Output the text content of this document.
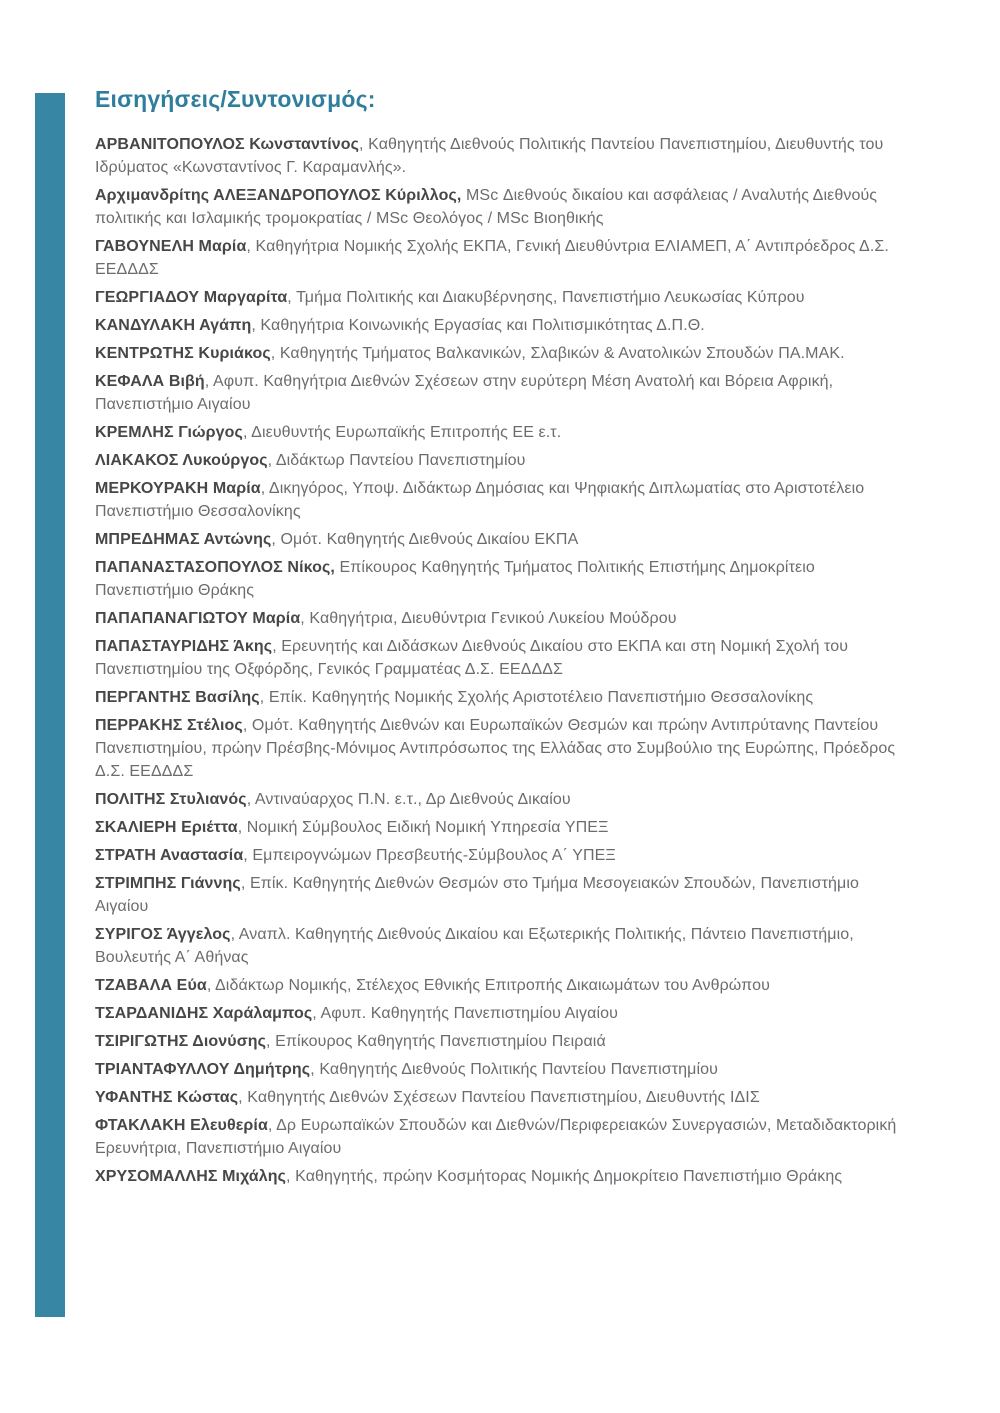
Εισηγήσεις/Συντονισμός:

ΑΡΒΑΝΙΤΟΠΟΥΛΟΣ Κωνσταντίνος, Καθηγητής Διεθνούς Πολιτικής Παντείου Πανεπιστημίου, Διευθυντής του Ιδρύματος «Κωνσταντίνος Γ. Καραμανλής».

Αρχιμανδρίτης ΑΛΕΞΑΝΔΡΟΠΟΥΛΟΣ Κύριλλος, MSc Διεθνούς δικαίου και ασφάλειας / Αναλυτής Διεθνούς πολιτικής και Ισλαμικής τρομοκρατίας / MSc Θεολόγος / MSc Βιοηθικής

ΓΑΒΟΥΝΕΛΗ Μαρία, Καθηγήτρια Νομικής Σχολής ΕΚΠΑ, Γενική Διευθύντρια ΕΛΙΑΜΕΠ, Α΄ Αντιπρόεδρος Δ.Σ. ΕΕΔΔΔΣ

ΓΕΩΡΓΙΑΔΟΥ Μαργαρίτα, Τμήμα Πολιτικής και Διακυβέρνησης, Πανεπιστήμιο Λευκωσίας Κύπρου

ΚΑΝΔΥΛΑΚΗ Αγάπη, Καθηγήτρια Κοινωνικής Εργασίας και Πολιτισμικότητας Δ.Π.Θ.

ΚΕΝΤΡΩΤΗΣ Κυριάκος, Καθηγητής Τμήματος Βαλκανικών, Σλαβικών & Ανατολικών Σπουδών ΠΑ.ΜΑΚ.

ΚΕΦΑΛΑ Βιβή, Αφυπ. Καθηγήτρια Διεθνών Σχέσεων στην ευρύτερη Μέση Ανατολή και Βόρεια Αφρική, Πανεπιστήμιο Αιγαίου

ΚΡΕΜΛΗΣ Γιώργος, Διευθυντής Ευρωπαϊκής Επιτροπής ΕΕ ε.τ.

ΛΙΑΚΑΚΟΣ Λυκούργος, Διδάκτωρ Παντείου Πανεπιστημίου

ΜΕΡΚΟΥΡΑΚΗ Μαρία, Δικηγόρος, Υποψ. Διδάκτωρ Δημόσιας και Ψηφιακής Διπλωματίας στο Αριστοτέλειο Πανεπιστήμιο Θεσσαλονίκης

ΜΠΡΕΔΗΜΑΣ Αντώνης, Ομότ. Καθηγητής Διεθνούς Δικαίου ΕΚΠΑ

ΠΑΠΑΝΑΣΤΑΣΟΠΟΥΛΟΣ Νίκος, Επίκουρος Καθηγητής Τμήματος Πολιτικής Επιστήμης Δημοκρίτειο Πανεπιστήμιο Θράκης

ΠΑΠΑΠΑΝΑΓΙΩΤΟΥ Μαρία, Καθηγήτρια, Διευθύντρια Γενικού Λυκείου Μούδρου

ΠΑΠΑΣΤΑΥΡΙΔΗΣ Άκης, Ερευνητής και Διδάσκων Διεθνούς Δικαίου στο ΕΚΠΑ και στη Νομική Σχολή του Πανεπιστημίου της Οξφόρδης, Γενικός Γραμματέας Δ.Σ. ΕΕΔΔΔΣ

ΠΕΡΓΑΝΤΗΣ Βασίλης, Επίκ. Καθηγητής Νομικής Σχολής Αριστοτέλειο Πανεπιστήμιο Θεσσαλονίκης

ΠΕΡΡΑΚΗΣ Στέλιος, Ομότ. Καθηγητής Διεθνών και Ευρωπαϊκών Θεσμών και πρώην Αντιπρύτανης Παντείου Πανεπιστημίου, πρώην Πρέσβης-Μόνιμος Αντιπρόσωπος της Ελλάδας στο Συμβούλιο της Ευρώπης, Πρόεδρος Δ.Σ. ΕΕΔΔΔΣ

ΠΟΛΙΤΗΣ Στυλιανός, Αντιναύαρχος Π.Ν. ε.τ., Δρ Διεθνούς Δικαίου

ΣΚΑΛΙΕΡΗ Εριέττα, Νομική Σύμβουλος Ειδική Νομική Υπηρεσία ΥΠΕΞ

ΣΤΡΑΤΗ Αναστασία, Εμπειρογνώμων Πρεσβευτής-Σύμβουλος Α΄ ΥΠΕΞ

ΣΤΡΙΜΠΗΣ Γιάννης, Επίκ. Καθηγητής Διεθνών Θεσμών στο Τμήμα Μεσογειακών Σπουδών, Πανεπιστήμιο Αιγαίου

ΣΥΡΙΓΟΣ Άγγελος, Αναπλ. Καθηγητής Διεθνούς Δικαίου και Εξωτερικής Πολιτικής, Πάντειο Πανεπιστήμιο, Βουλευτής Α΄ Αθήνας

ΤΖΑΒΑΛΑ Εύα, Διδάκτωρ Νομικής, Στέλεχος Εθνικής Επιτροπής Δικαιωμάτων του Ανθρώπου

ΤΣΑΡΔΑΝΙΔΗΣ Χαράλαμπος, Αφυπ. Καθηγητής Πανεπιστημίου Αιγαίου

ΤΣΙΡΙΓΩΤΗΣ Διονύσης, Επίκουρος Καθηγητής Πανεπιστημίου Πειραιά

ΤΡΙΑΝΤΑΦΥΛΛΟΥ Δημήτρης, Καθηγητής Διεθνούς Πολιτικής Παντείου Πανεπιστημίου

ΥΦΑΝΤΗΣ Κώστας, Καθηγητής Διεθνών Σχέσεων Παντείου Πανεπιστημίου, Διευθυντής ΙΔΙΣ

ΦΤΑΚΛΑΚΗ Ελευθερία, Δρ Ευρωπαϊκών Σπουδών και Διεθνών/Περιφερειακών Συνεργασιών, Μεταδιδακτορική Ερευνήτρια, Πανεπιστήμιο Αιγαίου

ΧΡΥΣΟΜΑΛΛΗΣ Μιχάλης, Καθηγητής, πρώην Κοσμήτορας Νομικής Δημοκρίτειο Πανεπιστήμιο Θράκης
